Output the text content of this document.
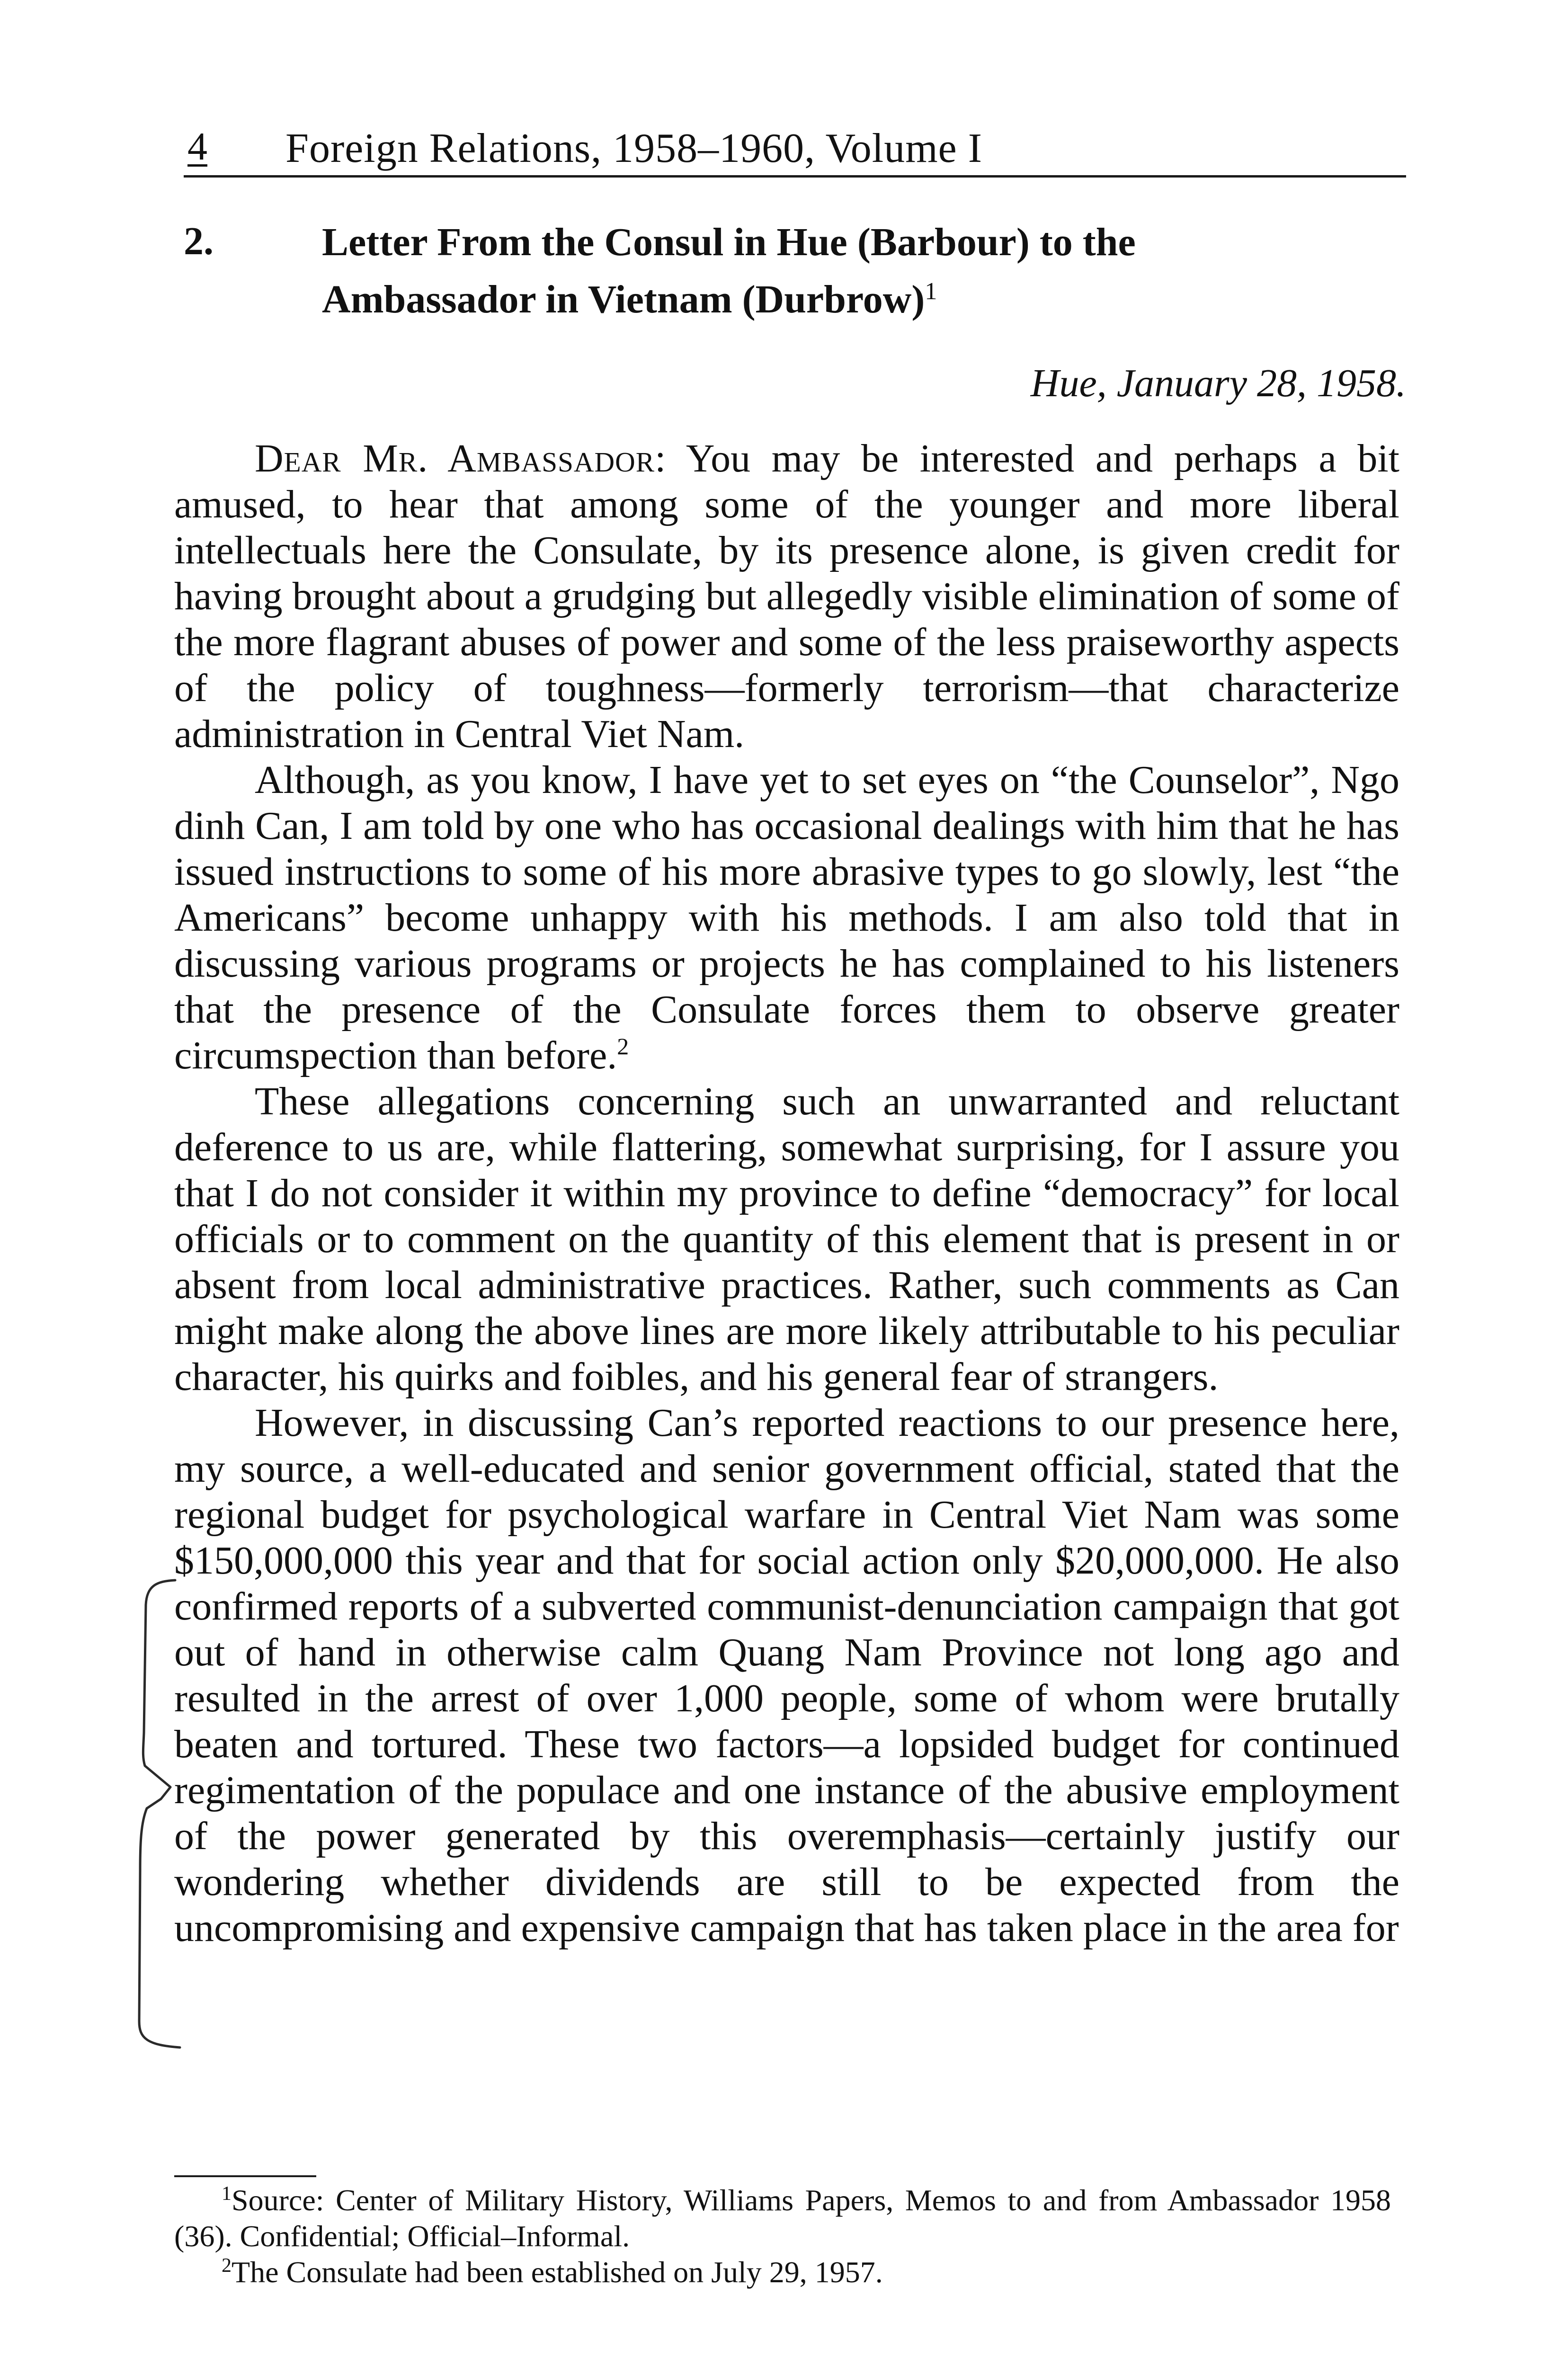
4 Foreign Relations, 1958–1960, Volume I
2.	Letter From the Consul in Hue (Barbour) to the Ambassador in Vietnam (Durbrow)$^1$
Hue, January 28, 1958.

Dear Mr. Ambassador: You may be interested and perhaps a bit amused, to hear that among some of the younger and more liberal intellectuals here the Consulate, by its presence alone, is given credit for having brought about a grudging but allegedly visible elimination of some of the more flagrant abuses of power and some of the less praiseworthy aspects of the policy of toughness—formerly terrorism—that characterize administration in Central Viet Nam.

Although, as you know, I have yet to set eyes on “the Counselor”, Ngo dinh Can, I am told by one who has occasional dealings with him that he has issued instructions to some of his more abrasive types to go slowly, lest “the Americans” become unhappy with his methods. I am also told that in discussing various programs or projects he has complained to his listeners that the presence of the Consulate forces them to observe greater circumspection than before.$^2$

These allegations concerning such an unwarranted and reluctant deference to us are, while flattering, somewhat surprising, for I assure you that I do not consider it within my province to define “democracy” for local officials or to comment on the quantity of this element that is present in or absent from local administrative practices. Rather, such comments as Can might make along the above lines are more likely attributable to his peculiar character, his quirks and foibles, and his general fear of strangers.

However, in discussing Can’s reported reactions to our presence here, my source, a well-educated and senior government official, stated that the regional budget for psychological warfare in Central Viet Nam was some $150,000,000 this year and that for social action only $20,000,000. He also confirmed reports of a subverted communist-denunciation campaign that got out of hand in otherwise calm Quang Nam Province not long ago and resulted in the arrest of over 1,000 people, some of whom were brutally beaten and tortured. These two factors—a lopsided budget for continued regimentation of the populace and one instance of the abusive employment of the power generated by this overemphasis—certainly justify our wondering whether dividends are still to be expected from the uncompromising and expensive campaign that has taken place in the area for

$^1$Source: Center of Military History, Williams Papers, Memos to and from Ambassador 1958 (36). Confidential; Official–Informal.

$^2$The Consulate had been established on July 29, 1957.
